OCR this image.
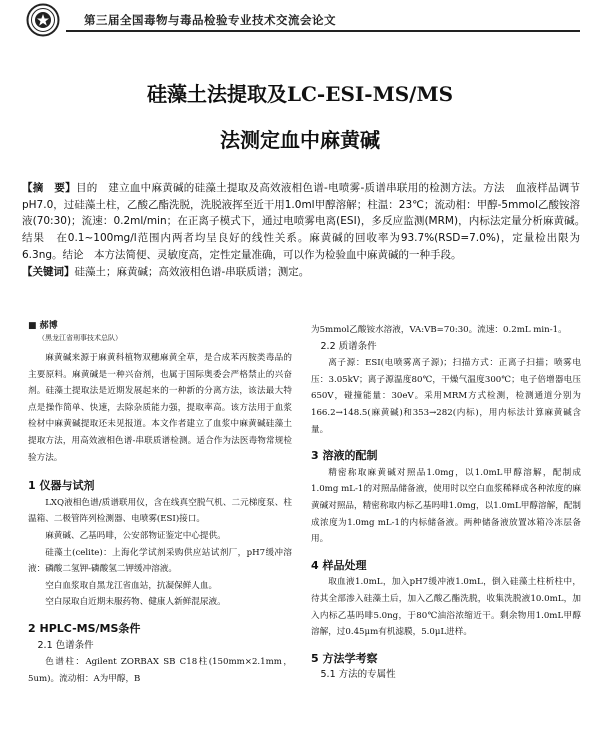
第三届全国毒物与毒品检验专业技术交流会论文
硅藻土法提取及LC-ESI-MS/MS
法测定血中麻黄碱

【摘　要】目的　建立血中麻黄碱的硅藻土提取及高效液相色谱-电喷雾-质谱串联用的检测方法。方法　血液样品调节pH7.0，过硅藻土柱，乙酸乙酯洗脱，洗脱液挥至近干用1.0ml甲醇溶解；柱温：23℃；流动相：甲醇-5mmol乙酸铵溶液(70:30)；流速：0.2ml/min；在正离子模式下，通过电喷雾电离(ESI)，多反应监测(MRM)，内标法定量分析麻黄碱。　结果　在0.1~100mg/l范围内两者均呈良好的线性关系。麻黄碱的回收率为93.7%(RSD=7.0%)，定量检出限为6.3ng。结论　本方法简便、灵敏度高，定性定量准确，可以作为检验血中麻黄碱的一种手段。

【关键词】硅藻土；麻黄碱；高效液相色谱-串联质谱；测定。

■ 郝博
（黑龙江省刑事技术总队）

麻黄碱来源于麻黄科植物双穗麻黄全草，是合成苯丙胺类毒品的主要原料。麻黄碱是一种兴奋剂，也属于国际奥委会严格禁止的兴奋剂。硅藻土提取法是近期发展起来的一种新的分离方法，该法最大特点是操作简单、快速，去除杂质能力强，提取率高。该方法用于血浆检材中麻黄碱提取还未见报道。本文作者建立了血浆中麻黄碱硅藻土提取方法，用高效液相色谱-串联质谱检测。适合作为法医毒物常规检验方法。

1 仪器与试剂

LXQ液相色谱/质谱联用仪，含在线真空脱气机、二元梯度泵、柱温箱、二极管阵列检测器、电喷雾(ESI)接口。

麻黄碱、乙基吗啡，公安部物证鉴定中心提供。

硅藻土(celite)：上海化学试剂采购供应站试剂厂，pH7缓冲溶液：磷酸二氢钾-磷酸氢二钾缓冲溶液。

空白血浆取自黑龙江省血站，抗凝保鲜人血。

空白尿取自近期未服药物、健康人新鲜混尿液。

2 HPLC-MS/MS条件

2.1 色谱条件

色谱柱：Agilent ZORBAX SB C18柱(150mm×2.1mm，5um)。流动相：A为甲醇，B

为5mmol乙酸铵水溶液，VA:VB=70:30。流速：0.2mL min-1。

2.2 质谱条件

离子源：ESI(电喷雾离子源)；扫描方式：正离子扫描；喷雾电压：3.05kV；离子源温度80℃，干燥气温度300℃；电子倍增器电压650V，碰撞能量：30eV。采用MRM方式检测，检测通道分别为166.2→148.5(麻黄碱)和353→282(内标)，用内标法计算麻黄碱含量。

3 溶液的配制

精密称取麻黄碱对照品1.0mg，以1.0mL甲醇溶解，配制成1.0mg mL-1的对照品储备液，使用时以空白血浆稀释成各种浓度的麻黄碱对照品，精密称取内标乙基吗啡1.0mg，以1.0mL甲醇溶解，配制成浓度为1.0mg mL-1的内标储备液。两种储备液放置冰箱冷冻层备用。

4 样品处理

取血液1.0mL，加入pH7缓冲液1.0mL，倒入硅藻土柱析柱中，待其全部渗入硅藻土后，加入乙酸乙酯洗脱，收集洗脱液10.0mL，加入内标乙基吗啡5.0ng，于80℃油浴浓缩近干。剩余物用1.0mL甲醇溶解，过0.45μm有机滤膜，5.0μL进样。

5 方法学考察

5.1 方法的专属性
